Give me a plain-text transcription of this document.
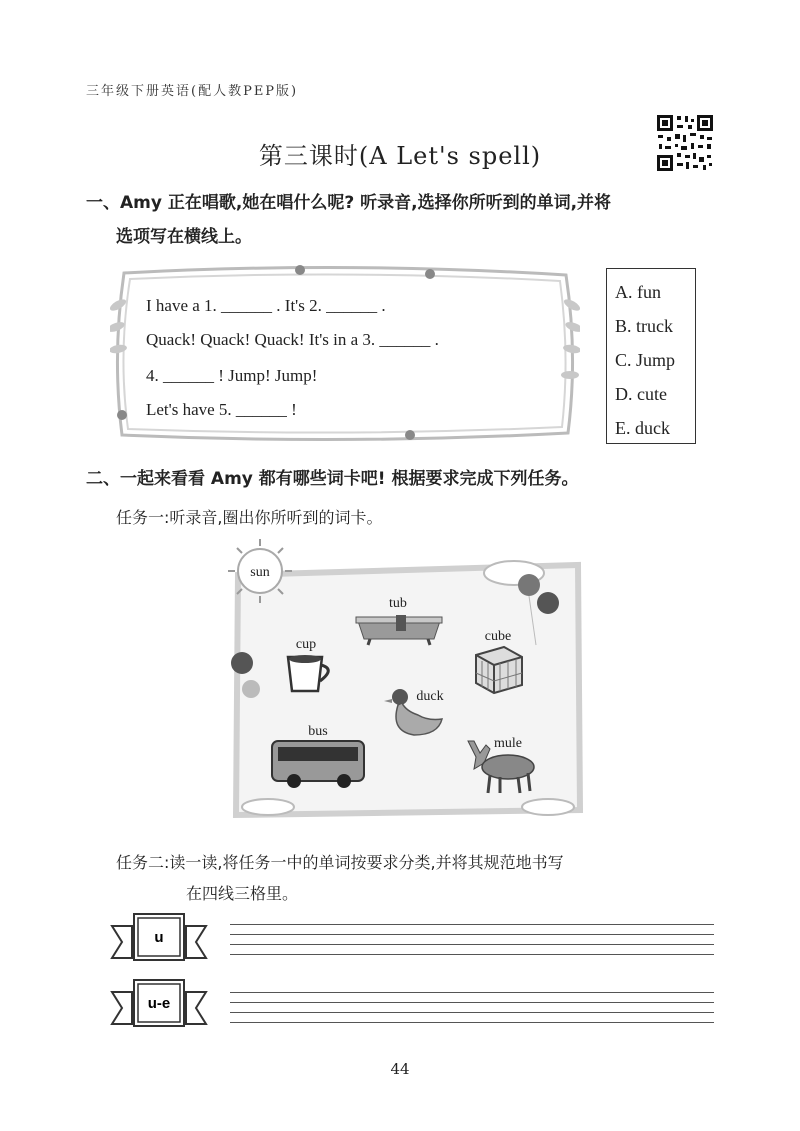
三年级下册英语(配人教PEP版)
第三课时(A Let's spell)
一、Amy 正在唱歌,她在唱什么呢? 听录音,选择你所听到的单词,并将
选项写在横线上。
I have a 1. ______ . It's 2. ______ .
Quack! Quack! Quack! It's in a 3. ______ .
4. ______ ! Jump! Jump!
Let's have 5. ______ !
A. fun
B. truck
C. Jump
D. cute
E. duck
二、一起来看看 Amy 都有哪些词卡吧! 根据要求完成下列任务。
任务一:听录音,圈出你所听到的词卡。
sun
tub
cup
cube
duck
bus
mule
任务二:读一读,将任务一中的单词按要求分类,并将其规范地书写
在四线三格里。
u
u-e
44
